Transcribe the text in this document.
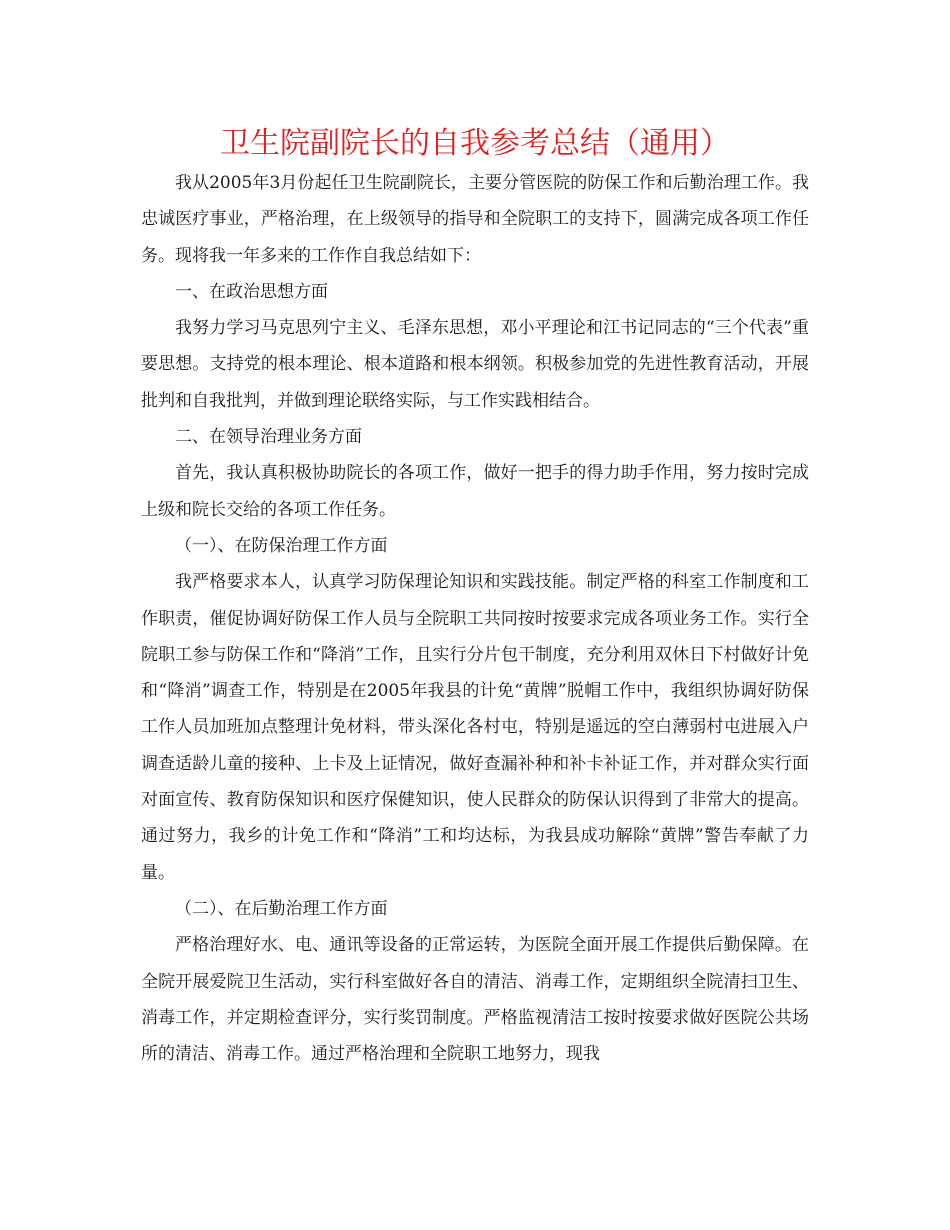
卫生院副院长的自我参考总结（通用）

我从2005年3月份起任卫生院副院长，主要分管医院的防保工作和后勤治理工作。我忠诚医疗事业，严格治理，在上级领导的指导和全院职工的支持下，圆满完成各项工作任务。现将我一年多来的工作作自我总结如下：

一、在政治思想方面

我努力学习马克思列宁主义、毛泽东思想，邓小平理论和江书记同志的“三个代表”重要思想。支持党的根本理论、根本道路和根本纲领。积极参加党的先进性教育活动，开展批判和自我批判，并做到理论联络实际，与工作实践相结合。

二、在领导治理业务方面

首先，我认真积极协助院长的各项工作，做好一把手的得力助手作用，努力按时完成上级和院长交给的各项工作任务。

（一）、在防保治理工作方面

我严格要求本人，认真学习防保理论知识和实践技能。制定严格的科室工作制度和工作职责，催促协调好防保工作人员与全院职工共同按时按要求完成各项业务工作。实行全院职工参与防保工作和“降消”工作，且实行分片包干制度，充分利用双休日下村做好计免和“降消”调查工作，特别是在2005年我县的计免“黄牌”脱帽工作中，我组织协调好防保工作人员加班加点整理计免材料，带头深化各村屯，特别是遥远的空白薄弱村屯进展入户调查适龄儿童的接种、上卡及上证情况，做好查漏补种和补卡补证工作，并对群众实行面对面宣传、教育防保知识和医疗保健知识，使人民群众的防保认识得到了非常大的提高。通过努力，我乡的计免工作和“降消”工和均达标，为我县成功解除“黄牌”警告奉献了力量。

（二）、在后勤治理工作方面

严格治理好水、电、通讯等设备的正常运转，为医院全面开展工作提供后勤保障。在全院开展爱院卫生活动，实行科室做好各自的清洁、消毒工作，定期组织全院清扫卫生、消毒工作，并定期检查评分，实行奖罚制度。严格监视清洁工按时按要求做好医院公共场所的清洁、消毒工作。通过严格治理和全院职工地努力，现我
